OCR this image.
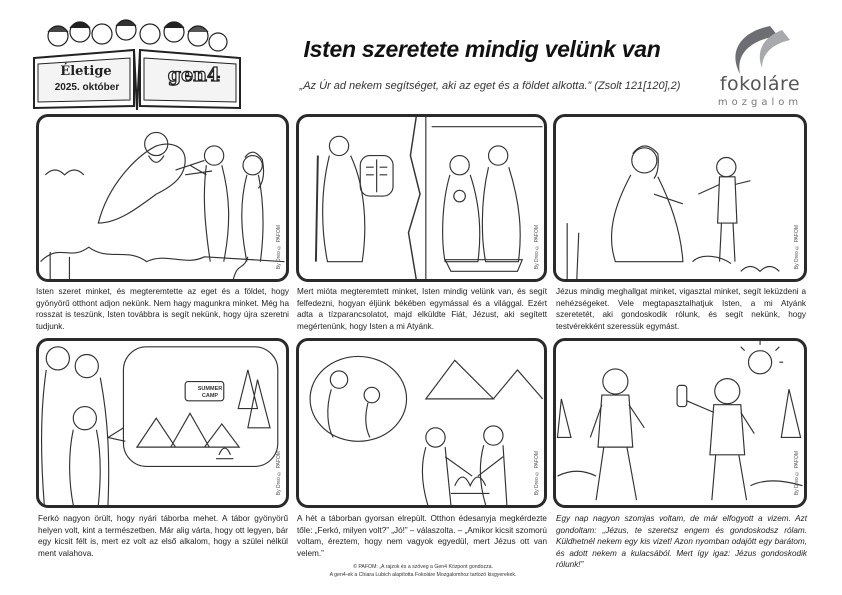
Életige
2025. október
gen4
Isten szeretete mindig velünk van
„Az Úr ad nekem segítséget, aki az eget és a földet alkotta.” (Zsolt 121[120],2)	fokoláre
mozgalom
By Dreo © PAFOM	By Dreo © PAFOM	By Dreo © PAFOM
Isten szeret minket, és megteremtette az eget és a földet, hogy gyönyörű otthont adjon nekünk. Nem hagy magunkra minket. Még ha rosszat is teszünk, Isten továbbra is segít nekünk, hogy újra szeretni tudjunk.
Mert mióta megteremtett minket, Isten mindig velünk van, és segít felfedezni, hogyan éljünk békében egymással és a világgal. Ezért adta a tízparancsolatot, majd elküldte Fiát, Jézust, aki segített megértenünk, hogy Isten a mi Atyánk.
Jézus mindig meghallgat minket, vigasztal minket, segít leküzdeni a nehézségeket. Vele megtapasztalhatjuk Isten, a mi Atyánk szeretetét, aki gondoskodik rólunk, és segít nekünk, hogy testvérekként szeressük egymást.
SUMMER CAMP
By Dreo © PAFOM	By Dreo © PAFOM	By Dreo © PAFOM
Ferkó nagyon örült, hogy nyári táborba mehet. A tábor gyönyörű helyen volt, kint a természetben. Már alig várta, hogy ott legyen, bár egy kicsit félt is, mert ez volt az első alkalom, hogy a szülei nélkül ment valahova.
A hét a táborban gyorsan elrepült. Otthon édesanyja megkérdezte tőle: „Ferkó, milyen volt?” „Jó!” – válaszolta. – „Amikor kicsit szomorú voltam, éreztem, hogy nem vagyok egyedül, mert Jézus ott van velem.”
Egy nap nagyon szomjas voltam, de már elfogyott a vizem. Azt gondoltam: „Jézus, te szeretsz engem és gondoskodsz rólam. Küldhetnél nekem egy kis vizet! Azon nyomban odajött egy barátom, és adott nekem a kulacsából. Mert így igaz: Jézus gondoskodik rólunk!”
© PAFOM: „A rajzok és a szöveg a Gen4 Központ gondozza.
A gen4-ek a Chiara Lubich alapította Fokoláre Mozgalomhoz tartozó kisgyerekek.
